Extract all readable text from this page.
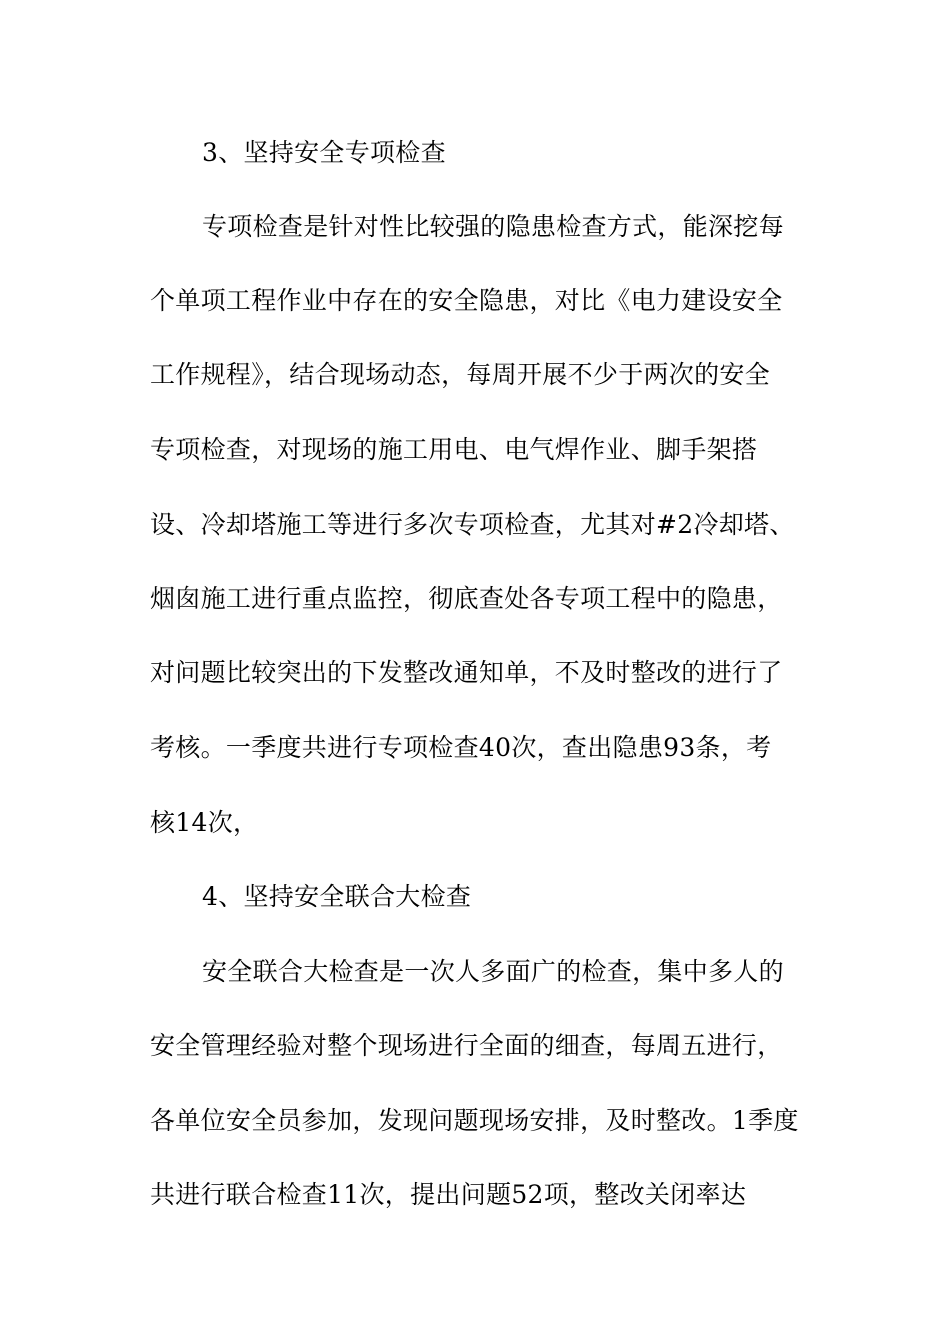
3、坚持安全专项检查
专项检查是针对性比较强的隐患检查方式，能深挖每
个单项工程作业中存在的安全隐患，对比《电力建设安全
工作规程》，结合现场动态，每周开展不少于两次的安全
专项检查，对现场的施工用电、电气焊作业、脚手架搭
设、冷却塔施工等进行多次专项检查，尤其对#2冷却塔、
烟囱施工进行重点监控，彻底查处各专项工程中的隐患，
对问题比较突出的下发整改通知单，不及时整改的进行了
考核。一季度共进行专项检查40次，查出隐患93条，考
核14次，
4、坚持安全联合大检查
安全联合大检查是一次人多面广的检查，集中多人的
安全管理经验对整个现场进行全面的细查，每周五进行，
各单位安全员参加，发现问题现场安排，及时整改。1季度
共进行联合检查11次，提出问题52项，整改关闭率达
